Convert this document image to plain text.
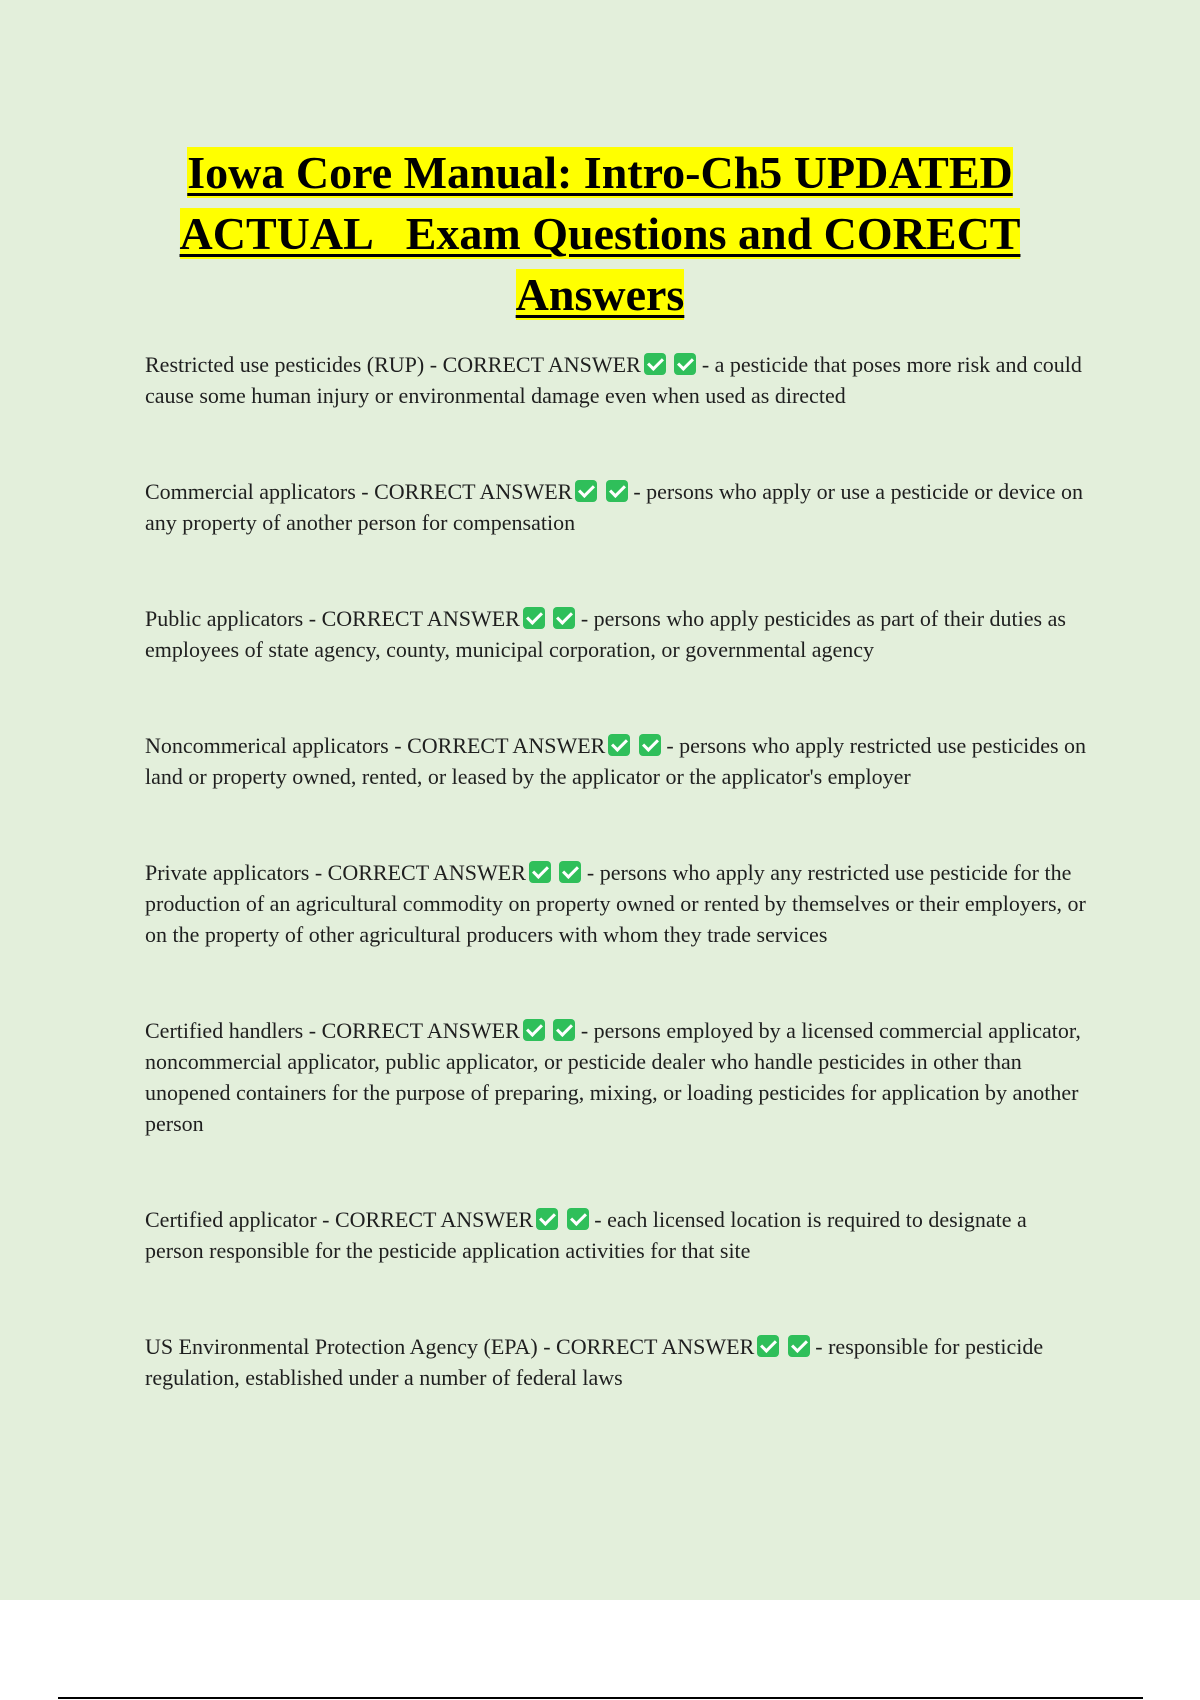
Iowa Core Manual: Intro-Ch5 UPDATED
ACTUAL   Exam Questions and CORECT
Answers

Restricted use pesticides (RUP) - CORRECT ANSWER	- a pesticide that poses more risk and could cause some human injury or environmental damage even when used as directed

Commercial applicators - CORRECT ANSWER	- persons who apply or use a pesticide or device on any property of another person for compensation

Public applicators - CORRECT ANSWER	- persons who apply pesticides as part of their duties as employees of state agency, county, municipal corporation, or governmental agency

Noncommerical applicators - CORRECT ANSWER	- persons who apply restricted use pesticides on land or property owned, rented, or leased by the applicator or the applicator's employer

Private applicators - CORRECT ANSWER	- persons who apply any restricted use pesticide for the production of an agricultural commodity on property owned or rented by themselves or their employers, or on the property of other agricultural producers with whom they trade services

Certified handlers - CORRECT ANSWER	- persons employed by a licensed commercial applicator, noncommercial applicator, public applicator, or pesticide dealer who handle pesticides in other than unopened containers for the purpose of preparing, mixing, or loading pesticides for application by another person

Certified applicator - CORRECT ANSWER	- each licensed location is required to designate a person responsible for the pesticide application activities for that site

US Environmental Protection Agency (EPA) - CORRECT ANSWER	- responsible for pesticide regulation, established under a number of federal laws
